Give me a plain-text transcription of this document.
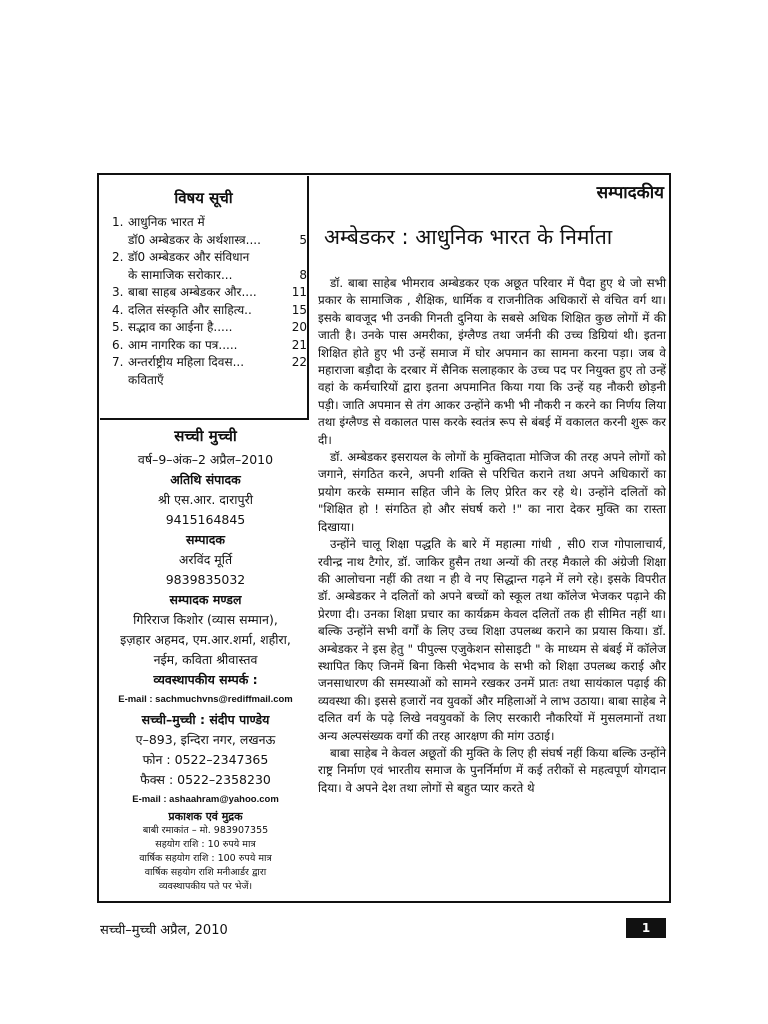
विषय सूची
1. आधुनिक भारत में
डॉ0 अम्बेडकर के अर्थशास्त्र....	5
2. डॉ0 अम्बेडकर और संविधान
के सामाजिक सरोकार...	8
3. बाबा साहब अम्बेडकर और....	11
4. दलित संस्कृति और साहित्य..	15
5. सद्भाव का आईना है.....	20
6. आम नागरिक का पत्र.....	21
7. अन्तर्राष्ट्रीय महिला दिवस...	22
कविताएँ
सच्ची मुच्ची
वर्ष–9–अंक–2 अप्रैल–2010
अतिथि संपादक
श्री एस.आर. दारापुरी
9415164845
सम्पादक
अरविंद मूर्ति
9839835032
सम्पादक मण्डल
गिरिराज किशोर (व्यास सम्मान),
इज़हार अहमद, एम.आर.शर्मा, शहीरा,
नईम, कविता श्रीवास्तव
व्यवस्थापकीय सम्पर्क :
E-mail : sachmuchvns@rediffmail.com
सच्ची–मुच्ची : संदीप पाण्डेय
ए–893, इन्दिरा नगर, लखनऊ
फोन : 0522–2347365
फैक्स : 0522–2358230
E-mail : ashaahram@yahoo.com
प्रकाशक एवं मुद्रक
बाबी रमाकांत – मो. 983907355
सहयोग राशि : 10 रुपये मात्र
वार्षिक सहयोग राशि : 100 रुपये मात्र
वार्षिक सहयोग राशि मनीआर्डर द्वारा
व्यवस्थापकीय पते पर भेजें।
सम्पादकीय
अम्बेडकर : आधुनिक भारत के निर्माता

डॉ. बाबा साहेब भीमराव अम्बेडकर एक अछूत परिवार में पैदा हुए थे जो सभी प्रकार के सामाजिक , शैक्षिक, धार्मिक व राजनीतिक अधिकारों से वंचित वर्ग था। इसके बावजूद भी उनकी गिनती दुनिया के सबसे अधिक शिक्षित कुछ लोगों में की जाती है। उनके पास अमरीका, इंग्लैण्ड तथा जर्मनी की उच्च डिग्रियां थी। इतना शिक्षित होते हुए भी उन्हें समाज में घोर अपमान का सामना करना पड़ा। जब वे महाराजा बड़ौदा के दरबार में सैनिक सलाहकार के उच्च पद पर नियुक्त हुए तो उन्हें वहां के कर्मचारियों द्वारा इतना अपमानित किया गया कि उन्हें यह नौकरी छोड़नी पड़ी। जाति अपमान से तंग आकर उन्होंने कभी भी नौकरी न करने का निर्णय लिया तथा इंग्लैण्ड से वकालत पास करके स्वतंत्र रूप से बंबई में वकालत करनी शुरू कर दी।

डॉ. अम्बेडकर इसरायल के लोगों के मुक्तिदाता मोजिज की तरह अपने लोगों को जगाने, संगठित करने, अपनी शक्ति से परिचित कराने तथा अपने अधिकारों का प्रयोग करके सम्मान सहित जीने के लिए प्रेरित कर रहे थे। उन्होंने दलितों को "शिक्षित हो ! संगठित हो और संघर्ष करो !" का नारा देकर मुक्ति का रास्ता दिखाया।

उन्होंने चालू शिक्षा पद्धति के बारे में महात्मा गांधी , सी0 राज गोपालाचार्य, रवीन्द्र नाथ टैगोर, डॉ. जाकिर हुसैन तथा अन्यों की तरह मैकाले की अंग्रेजी शिक्षा की आलोचना नहीं की तथा न ही वे नए सिद्धान्त गढ़ने में लगे रहे। इसके विपरीत डॉ. अम्बेडकर ने दलितों को अपने बच्चों को स्कूल तथा कॉलेज भेजकर पढ़ाने की प्रेरणा दी। उनका शिक्षा प्रचार का कार्यक्रम केवल दलितों तक ही सीमित नहीं था। बल्कि उन्होंने सभी वर्गों के लिए उच्च शिक्षा उपलब्ध कराने का प्रयास किया। डॉ. अम्बेडकर ने इस हेतु " पीपुल्स एजुकेशन सोसाइटी " के माध्यम से बंबई में कॉलेज स्थापित किए जिनमें बिना किसी भेदभाव के सभी को शिक्षा उपलब्ध कराई और जनसाधारण की समस्याओं को सामने रखकर उनमें प्रातः तथा सायंकाल पढ़ाई की व्यवस्था की। इससे हजारों नव युवकों और महिलाओं ने लाभ उठाया। बाबा साहेब ने दलित वर्ग के पढ़े लिखे नवयुवकों के लिए सरकारी नौकरियों में मुसलमानों तथा अन्य अल्पसंख्यक वर्गो की तरह आरक्षण की मांग उठाई।

बाबा साहेब ने केवल अछूतों की मुक्ति के लिए ही संघर्ष नहीं किया बल्कि उन्होंने राष्ट्र निर्माण एवं भारतीय समाज के पुनर्निर्माण में कई तरीकों से महत्वपूर्ण योगदान दिया। वे अपने देश तथा लोगों से बहुत प्यार करते थे

सच्ची–मुच्ची अप्रैल, 2010	1
